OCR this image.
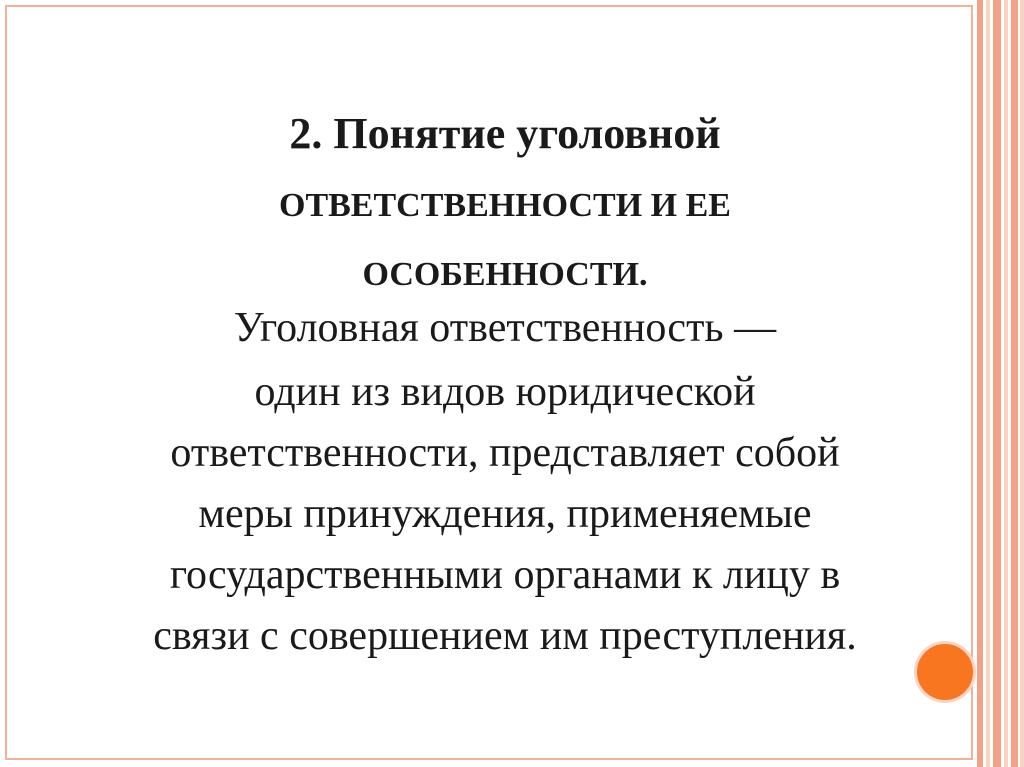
2. Понятие уголовной
ОТВЕТСТВЕННОСТИ И ЕЕ
ОСОБЕННОСТИ.
Уголовная ответственность —
один из видов юридической
ответственности, представляет собой
меры принуждения, применяемые
государственными органами к лицу в
связи с совершением им преступления.
